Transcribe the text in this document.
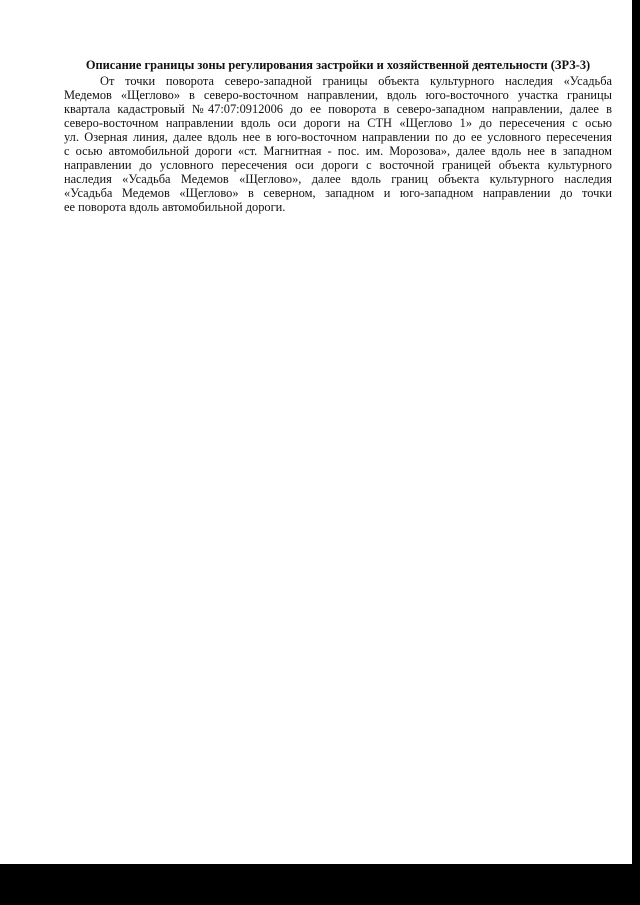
Описание границы зоны регулирования застройки и хозяйственной деятельности (ЗРЗ-3)
От точки поворота северо-западной границы объекта культурного наследия «Усадьба
Медемов «Щеглово» в северо-восточном направлении, вдоль юго-восточного участка границы
квартала кадастровый №47:07:0912006 до ее поворота в северо-западном направлении, далее в
северо-восточном направлении вдоль оси дороги на СТН «Щеглово 1» до пересечения с осью
ул. Озерная линия, далее вдоль нее в юго-восточном направлении по до ее условного пересечения
с осью автомобильной дороги «ст. Магнитная - пос. им. Морозова», далее вдоль нее в западном
направлении до условного пересечения оси дороги с восточной границей объекта культурного
наследия «Усадьба Медемов «Щеглово», далее вдоль границ объекта культурного наследия
«Усадьба Медемов «Щеглово» в северном, западном и юго-западном направлении до точки
ее поворота вдоль автомобильной дороги.
